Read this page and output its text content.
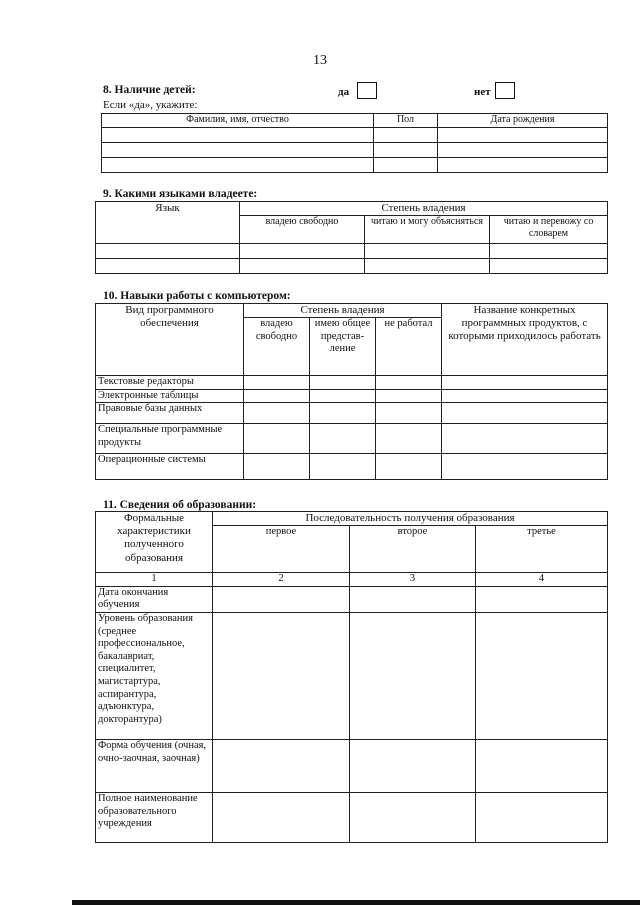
13
8. Наличие детей:	да	нет
Если «да», укажите:
Фамилия, имя, отчество	Пол	Дата рождения

9. Какими языками владеете:
Язык	Степень владения		
	владею свободно	читаю и могу объясняться	читаю и перевожу со словарем

10. Навыки работы с компьютером:
Вид программного обеспечения	Степень владения			Название конкретных программных продуктов, с которыми приходилось работать
	владею свободно	имею общее представ-ление	не работал	
Текстовые редакторы				
Электронные таблицы				
Правовые базы данных				
Специальные программные продукты				
Операционные системы				
11. Сведения об образовании:
Формальные характеристики полученного образования	Последовательность получения образования		
	первое	второе	третье
1	2	3	4
Дата окончания обучения			
Уровень образования (среднее профессиональное, бакалавриат, специалитет, магистартура, аспирантура, адъюнктура, докторантура)			
Форма обучения (очная, очно-заочная, заочная)			
Полное наименование образовательного учреждения			
